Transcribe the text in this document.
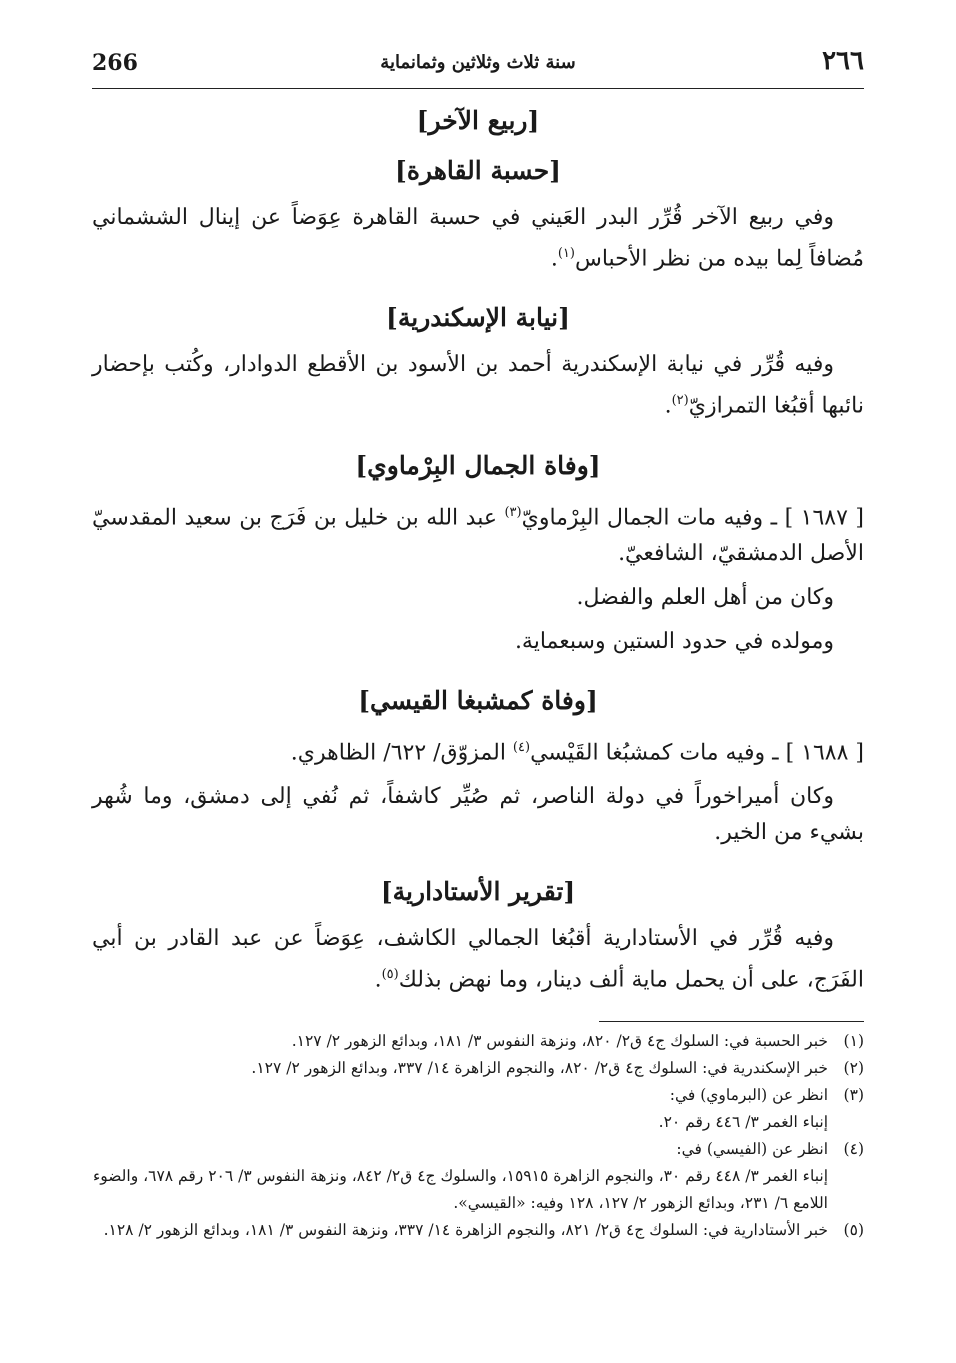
266	سنة ثلاث وثلاثين وثمانماية	٢٦٦

[ربيع الآخر]

[حسبة القاهرة]

وفي ربيع الآخر قُرِّر البدر العَيني في حسبة القاهرة عِوَضاً عن إينال الششماني مُضافاً لِما بيده من نظر الأحباس$^{(١)}$.

[نيابة الإسكندرية]

وفيه قُرِّر في نيابة الإسكندرية أحمد بن الأسود بن الأقطع الدوادار، وكُتب بإحضار نائبها أقبُغا التمرازيّ$^{(٢)}$.

[وفاة الجمال البِرْماوي]

[ ١٦٨٧ ] ـ وفيه مات الجمال البِرْماويّ$^{(٣)}$ عبد الله بن خليل بن فَرَج بن سعيد المقدسيّ الأصل الدمشقيّ، الشافعيّ.

وكان من أهل العلم والفضل.

ومولده في حدود الستين وسبعماية.

[وفاة كمشبغا القيسي]

[ ١٦٨٨ ] ـ وفيه مات كمشبُغا القَيْسي$^{(٤)}$ المزوّق/ ٦٢٢/ الظاهري.

وكان أميراخوراً في دولة الناصر، ثم صُيِّر كاشفاً، ثم نُفي إلى دمشق، وما شُهر بشيء من الخير.

[تقرير الأستادارية]

وفيه قُرِّر في الأستادارية أقبُغا الجمالي الكاشف، عِوَضاً عن عبد القادر بن أبي الفَرَج، على أن يحمل ماية ألف دينار، وما نهض بذلك$^{(٥)}$.

(١)
خبر الحسبة في: السلوك ج٤ ق٢/ ٨٢٠، ونزهة النفوس ٣/ ١٨١، وبدائع الزهور ٢/ ١٢٧.
(٢)
خبر الإسكندرية في: السلوك ج٤ ق٢/ ٨٢٠، والنجوم الزاهرة ١٤/ ٣٣٧، وبدائع الزهور ٢/ ١٢٧.
(٣)
انظر عن (البرماوي) في:
إنباء الغمر ٣/ ٤٤٦ رقم ٢٠.
(٤)
انظر عن (الفيسي) في:
إنباء الغمر ٣/ ٤٤٨ رقم ٣٠، والنجوم الزاهرة ١٥٩١٥، والسلوك ج٤ ق٢/ ٨٤٢، ونزهة النفوس ٣/ ٢٠٦ رقم ٦٧٨، والضوء اللامع ٦/ ٢٣١، وبدائع الزهور ٢/ ١٢٧، ١٢٨ وفيه: «القيسي».
(٥)
خبر الأستادارية في: السلوك ج٤ ق٢/ ٨٢١، والنجوم الزاهرة ١٤/ ٣٣٧، ونزهة النفوس ٣/ ١٨١، وبدائع الزهور ٢/ ١٢٨.
